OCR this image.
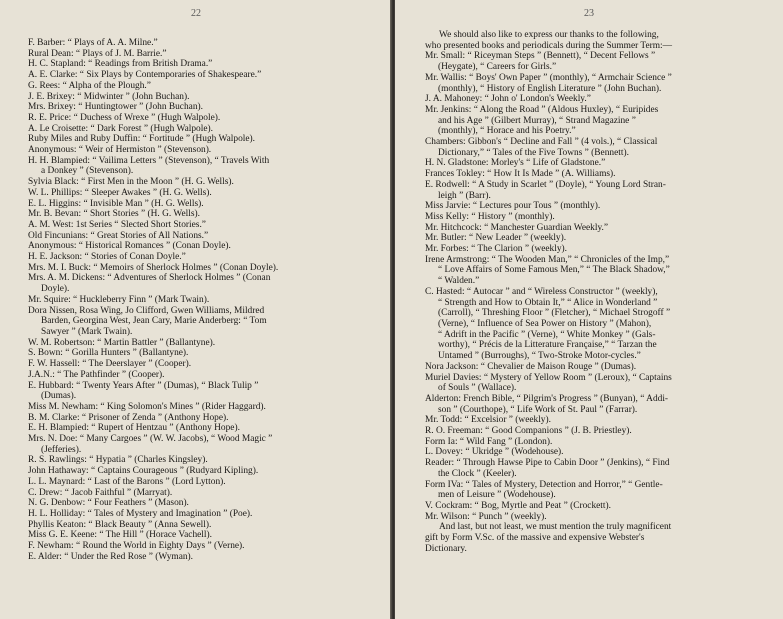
22
F. Barber: “ Plays of A. A. Milne.”
Rural Dean: “ Plays of J. M. Barrie.”
H. C. Stapland: “ Readings from British Drama.”
A. E. Clarke: “ Six Plays by Contemporaries of Shakespeare.”
G. Rees: “ Alpha of the Plough.”
J. E. Brixey: “ Midwinter ” (John Buchan).
Mrs. Brixey: “ Huntingtower ” (John Buchan).
R. E. Price: “ Duchess of Wrexe ” (Hugh Walpole).
A. Le Croisette: “ Dark Forest ” (Hugh Walpole).
Ruby Miles and Ruby Duffin: “ Fortitude ” (Hugh Walpole).
Anonymous: “ Weir of Hermiston ” (Stevenson).
H. H. Blampied: “ Vailima Letters ” (Stevenson), “ Travels With
a Donkey ” (Stevenson).
Sylvia Black: “ First Men in the Moon ” (H. G. Wells).
W. L. Phillips: “ Sleeper Awakes ” (H. G. Wells).
E. L. Higgins: “ Invisible Man ” (H. G. Wells).
Mr. B. Bevan: “ Short Stories ” (H. G. Wells).
A. M. West: 1st Series “ Slected Short Stories.”
Old Fincunians: “ Great Stories of All Nations.”
Anonymous: “ Historical Romances ” (Conan Doyle).
H. E. Jackson: “ Stories of Conan Doyle.”
Mrs. M. I. Buck: “ Memoirs of Sherlock Holmes ” (Conan Doyle).
Mrs. A. M. Dickens: “ Adventures of Sherlock Holmes ” (Conan
Doyle).
Mr. Squire: “ Huckleberry Finn ” (Mark Twain).
Dora Nissen, Rosa Wing, Jo Clifford, Gwen Williams, Mildred
Barden, Georgina West, Jean Cary, Marie Anderberg: “ Tom
Sawyer ” (Mark Twain).
W. M. Robertson: “ Martin Battler ” (Ballantyne).
S. Bown: “ Gorilla Hunters ” (Ballantyne).
F. W. Hassell: “ The Deerslayer ” (Cooper).
J.A.N.: “ The Pathfinder ” (Cooper).
E. Hubbard: “ Twenty Years After ” (Dumas), “ Black Tulip ”
(Dumas).
Miss M. Newham: “ King Solomon's Mines ” (Rider Haggard).
B. M. Clarke: “ Prisoner of Zenda ” (Anthony Hope).
E. H. Blampied: “ Rupert of Hentzau ” (Anthony Hope).
Mrs. N. Doe: “ Many Cargoes ” (W. W. Jacobs), “ Wood Magic ”
(Jefferies).
R. S. Rawlings: “ Hypatia ” (Charles Kingsley).
John Hathaway: “ Captains Courageous ” (Rudyard Kipling).
L. L. Maynard: “ Last of the Barons ” (Lord Lytton).
C. Drew: “ Jacob Faithful ” (Marryat).
N. G. Denbow: “ Four Feathers ” (Mason).
H. L. Holliday: “ Tales of Mystery and Imagination ” (Poe).
Phyllis Keaton: “ Black Beauty ” (Anna Sewell).
Miss G. E. Keene: “ The Hill ” (Horace Vachell).
F. Newham: “ Round the World in Eighty Days ” (Verne).
E. Alder: “ Under the Red Rose ” (Wyman).
23
We should also like to express our thanks to the following,
who presented books and periodicals during the Summer Term:—
Mr. Small: “ Riceyman Steps ” (Bennett), “ Decent Fellows ”
(Heygate), “ Careers for Girls.”
Mr. Wallis: “ Boys' Own Paper ” (monthly), “ Armchair Science ”
(monthly), “ History of English Literature ” (John Buchan).
J. A. Mahoney: “ John o' London's Weekly.”
Mr. Jenkins: “ Along the Road ” (Aldous Huxley), “ Euripides
and his Age ” (Gilbert Murray), “ Strand Magazine ”
(monthly), “ Horace and his Poetry.”
Chambers: Gibbon's “ Decline and Fall ” (4 vols.), “ Classical
Dictionary,” “ Tales of the Five Towns ” (Bennett).
H. N. Gladstone: Morley's “ Life of Gladstone.”
Frances Tokley: “ How It Is Made ” (A. Williams).
E. Rodwell: “ A Study in Scarlet ” (Doyle), “ Young Lord Stran-
leigh ” (Barr).
Miss Jarvie: “ Lectures pour Tous ” (monthly).
Miss Kelly: “ History ” (monthly).
Mr. Hitchcock: “ Manchester Guardian Weekly.”
Mr. Butler: “ New Leader ” (weekly).
Mr. Forbes: “ The Clarion ” (weekly).
Irene Armstrong: “ The Wooden Man,” “ Chronicles of the Imp,”
“ Love Affairs of Some Famous Men,” “ The Black Shadow,”
“ Walden.”
C. Hasted: “ Autocar ” and “ Wireless Constructor ” (weekly),
“ Strength and How to Obtain It,” “ Alice in Wonderland ”
(Carroll), “ Threshing Floor ” (Fletcher), “ Michael Strogoff ”
(Verne), “ Influence of Sea Power on History ” (Mahon),
“ Adrift in the Pacific ” (Verne), “ White Monkey ” (Gals-
worthy), “ Précis de la Litterature Française,” “ Tarzan the
Untamed ” (Burroughs), “ Two-Stroke Motor-cycles.”
Nora Jackson: “ Chevalier de Maison Rouge ” (Dumas).
Muriel Davies: “ Mystery of Yellow Room ” (Leroux), “ Captains
of Souls ” (Wallace).
Alderton: French Bible, “ Pilgrim's Progress ” (Bunyan), “ Addi-
son ” (Courthope), “ Life Work of St. Paul ” (Farrar).
Mr. Todd: “ Excelsior ” (weekly).
R. O. Freeman: “ Good Companions ” (J. B. Priestley).
Form Ia: “ Wild Fang ” (London).
L. Dovey: “ Ukridge ” (Wodehouse).
Reader: “ Through Hawse Pipe to Cabin Door ” (Jenkins), “ Find
the Clock ” (Keeler).
Form IVa: “ Tales of Mystery, Detection and Horror,” “ Gentle-
men of Leisure ” (Wodehouse).
V. Cockram: “ Bog, Myrtle and Peat ” (Crockett).
Mr. Wilson: “ Punch ” (weekly).
And last, but not least, we must mention the truly magnificent
gift by Form V.Sc. of the massive and expensive Webster's
Dictionary.
